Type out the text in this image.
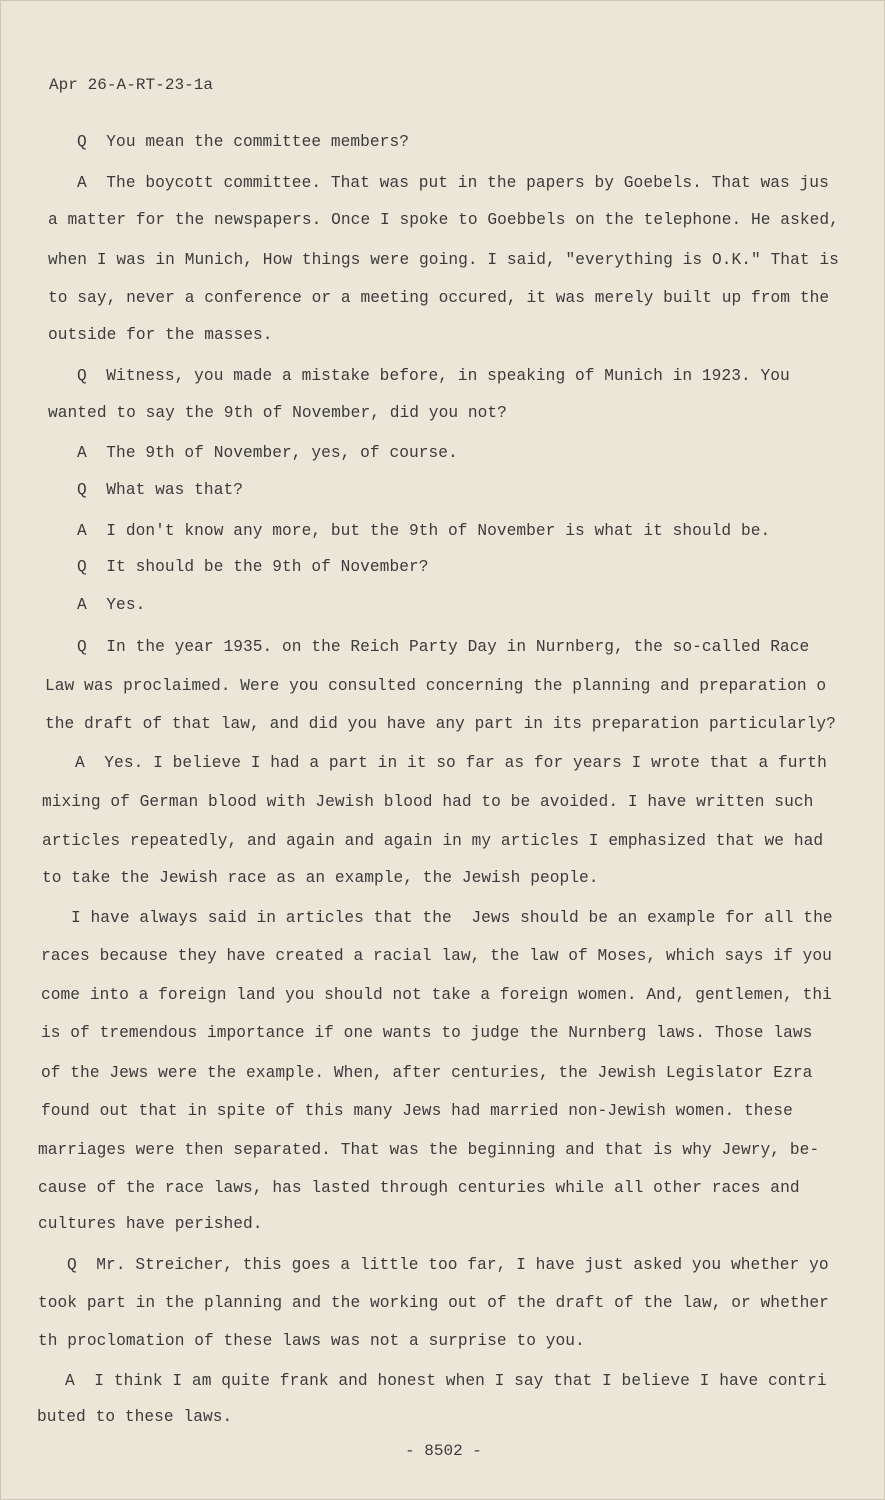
Apr 26-A-RT-23-1a
Q  You mean the committee members?
A  The boycott committee. That was put in the papers by Goebels. That was jus
a matter for the newspapers. Once I spoke to Goebbels on the telephone. He asked,
when I was in Munich, How things were going. I said, "everything is O.K." That is
to say, never a conference or a meeting occured, it was merely built up from the
outside for the masses.
Q  Witness, you made a mistake before, in speaking of Munich in 1923. You
wanted to say the 9th of November, did you not?
A  The 9th of November, yes, of course.
Q  What was that?
A  I don't know any more, but the 9th of November is what it should be.
Q  It should be the 9th of November?
A  Yes.
Q  In the year 1935. on the Reich Party Day in Nurnberg, the so-called Race
Law was proclaimed. Were you consulted concerning the planning and preparation o
the draft of that law, and did you have any part in its preparation particularly?
A  Yes. I believe I had a part in it so far as for years I wrote that a furth
mixing of German blood with Jewish blood had to be avoided. I have written such
articles repeatedly, and again and again in my articles I emphasized that we had
to take the Jewish race as an example, the Jewish people.
I have always said in articles that the  Jews should be an example for all the
races because they have created a racial law, the law of Moses, which says if you
come into a foreign land you should not take a foreign women. And, gentlemen, thi
is of tremendous importance if one wants to judge the Nurnberg laws. Those laws
of the Jews were the example. When, after centuries, the Jewish Legislator Ezra
found out that in spite of this many Jews had married non-Jewish women. these
marriages were then separated. That was the beginning and that is why Jewry, be-
cause of the race laws, has lasted through centuries while all other races and
cultures have perished.
Q  Mr. Streicher, this goes a little too far, I have just asked you whether yo
took part in the planning and the working out of the draft of the law, or whether
th proclomation of these laws was not a surprise to you.
A  I think I am quite frank and honest when I say that I believe I have contri
buted to these laws.
- 8502 -
